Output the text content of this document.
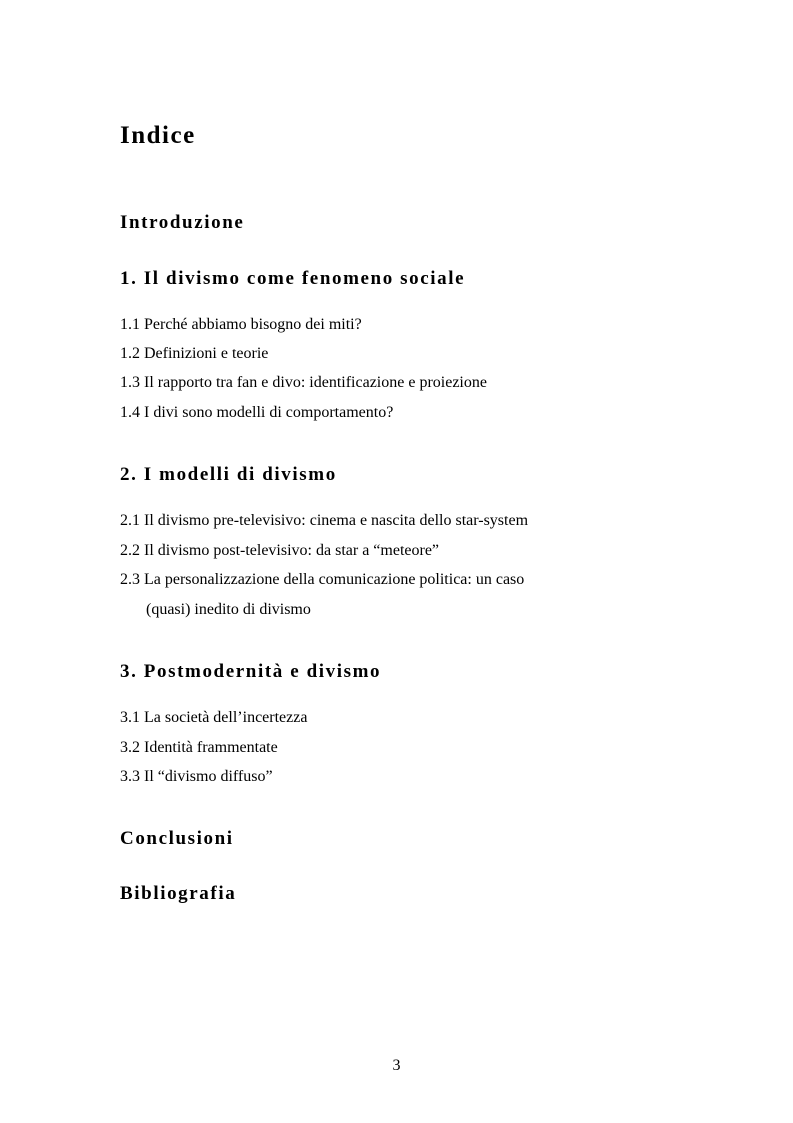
Indice
Introduzione
1. Il divismo come fenomeno sociale
1.1 Perché abbiamo bisogno dei miti?
1.2 Definizioni e teorie
1.3 Il rapporto tra fan e divo: identificazione e proiezione
1.4 I divi sono modelli di comportamento?
2. I modelli di divismo
2.1 Il divismo pre-televisivo: cinema e nascita dello star-system
2.2 Il divismo post-televisivo: da star a “meteore”
2.3 La personalizzazione della comunicazione politica: un caso
(quasi) inedito di divismo
3. Postmodernità e divismo
3.1 La società dell’incertezza
3.2 Identità frammentate
3.3 Il “divismo diffuso”
Conclusioni
Bibliografia
3
